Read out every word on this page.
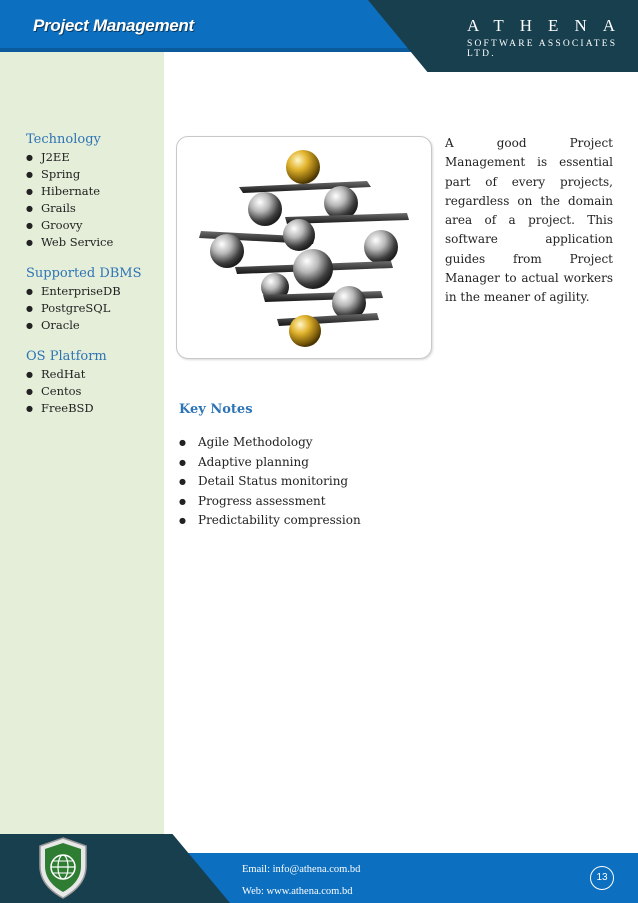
Project Management	ATHENA
SOFTWARE ASSOCIATES LTD.

Technology

● J2EE
● Spring
● Hibernate
● Grails
● Groovy
● Web Service

Supported DBMS

● EnterpriseDB
● PostgreSQL
● Oracle

OS Platform

● RedHat
● Centos
● FreeBSD

A good Project Management is essential part of every projects, regardless on the domain area of a project. This software application guides from Project Manager to actual workers in the meaner of agility.

Key Notes

● Agile Methodology
● Adaptive planning
● Detail Status monitoring
● Progress assessment
● Predictability compression
Email: info@athena.com.bd
Web: www.athena.com.bd
13
